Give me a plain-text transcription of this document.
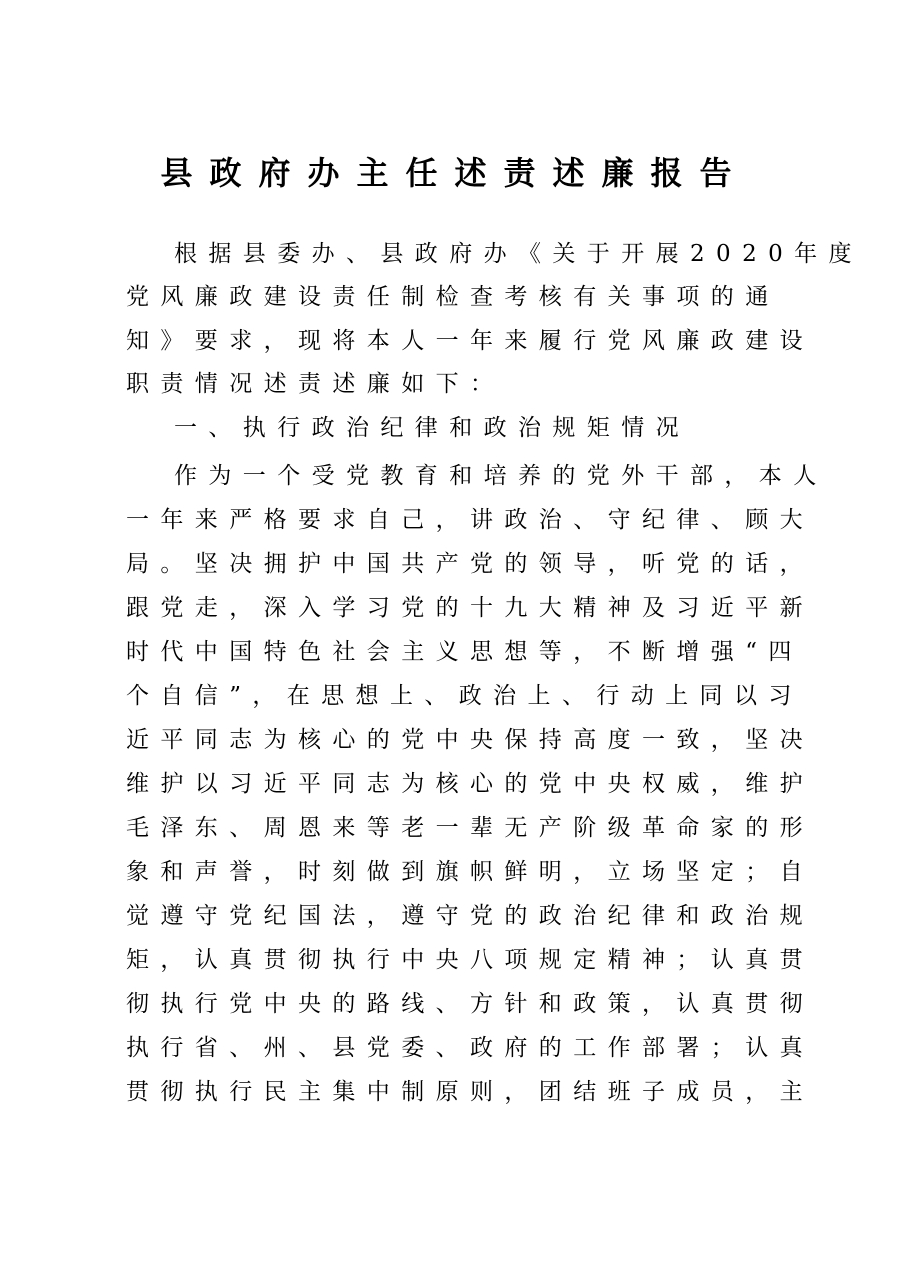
县政府办主任述责述廉报告
根据县委办、县政府办《关于开展2020年度
党风廉政建设责任制检查考核有关事项的通
知》要求，现将本人一年来履行党风廉政建设
职责情况述责述廉如下：
一、执行政治纪律和政治规矩情况
作为一个受党教育和培养的党外干部，本人
一年来严格要求自己，讲政治、守纪律、顾大
局。坚决拥护中国共产党的领导，听党的话，
跟党走，深入学习党的十九大精神及习近平新
时代中国特色社会主义思想等，不断增强“四
个自信”，在思想上、政治上、行动上同以习
近平同志为核心的党中央保持高度一致，坚决
维护以习近平同志为核心的党中央权威，维护
毛泽东、周恩来等老一辈无产阶级革命家的形
象和声誉，时刻做到旗帜鲜明，立场坚定；自
觉遵守党纪国法，遵守党的政治纪律和政治规
矩，认真贯彻执行中央八项规定精神；认真贯
彻执行党中央的路线、方针和政策，认真贯彻
执行省、州、县党委、政府的工作部署；认真
贯彻执行民主集中制原则，团结班子成员，主
